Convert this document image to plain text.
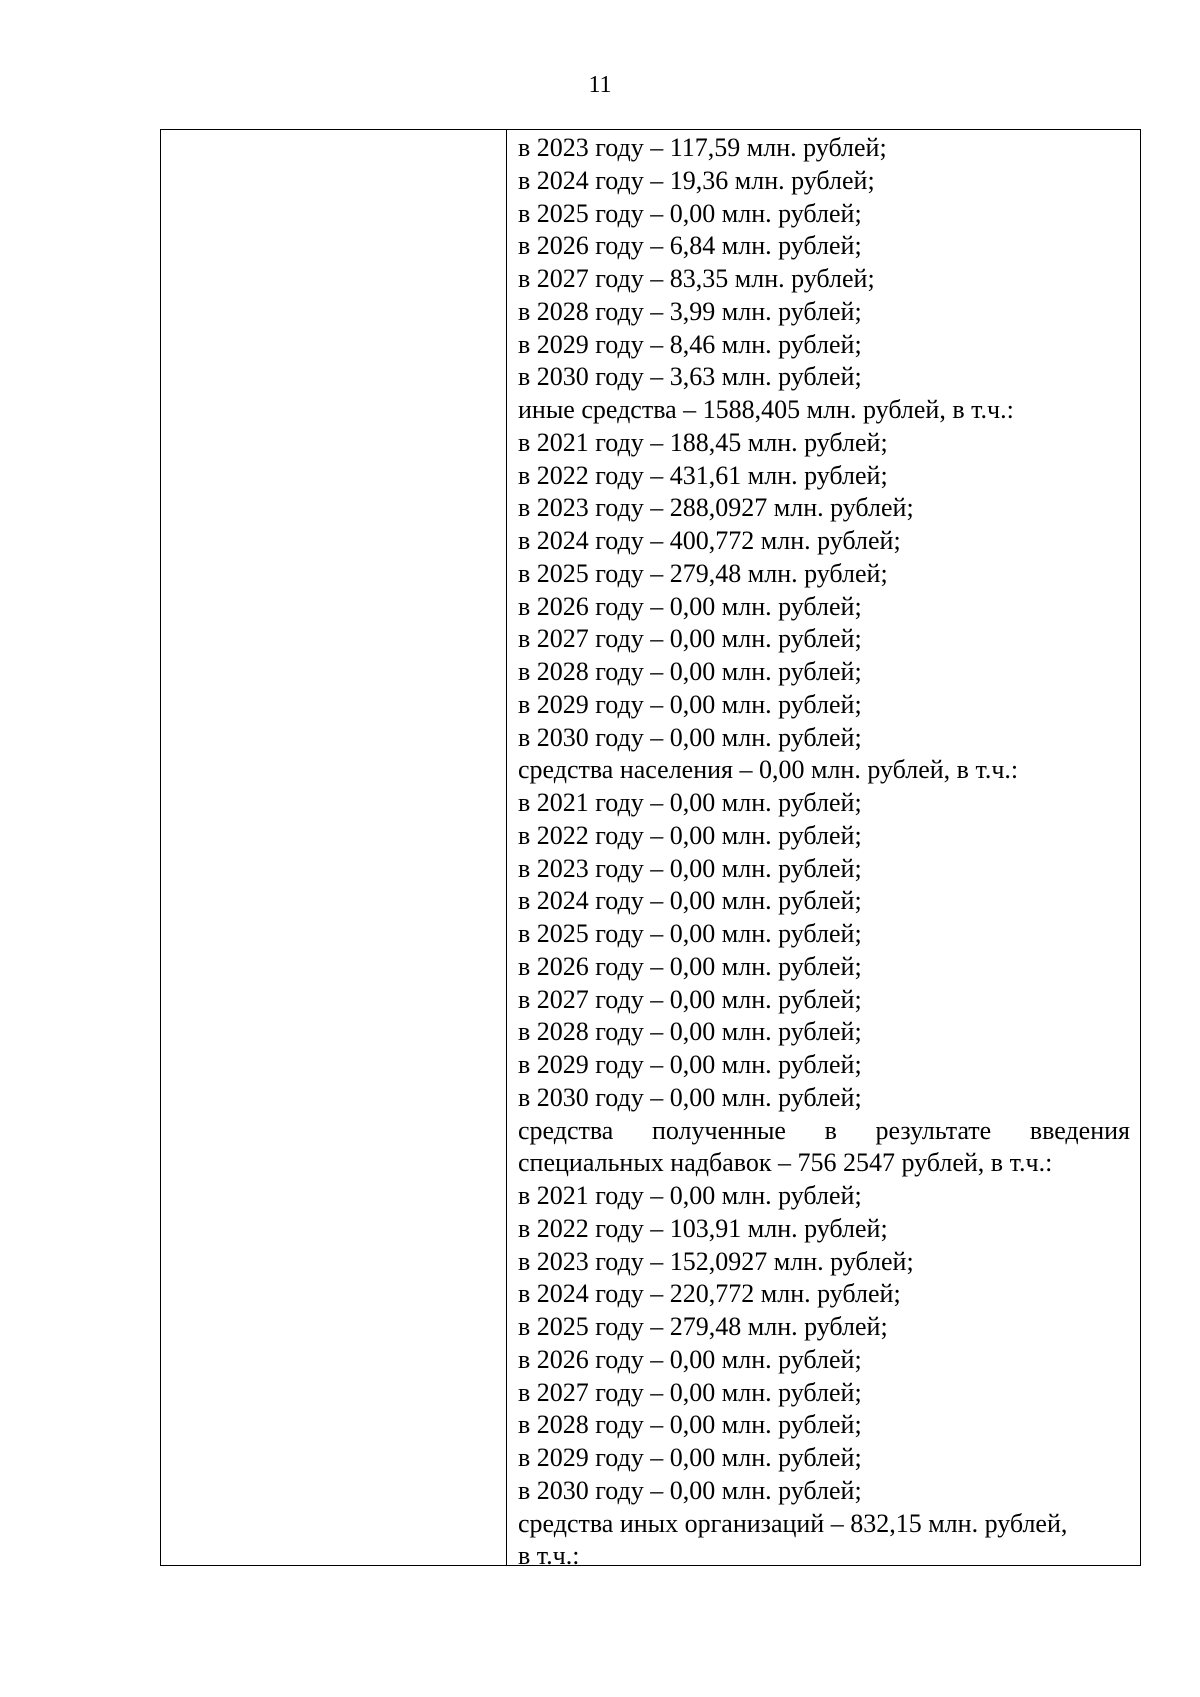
11
в 2023 году – 117,59 млн. рублей;
в 2024 году – 19,36 млн. рублей;
в 2025 году – 0,00 млн. рублей;
в 2026 году – 6,84 млн. рублей;
в 2027 году – 83,35 млн. рублей;
в 2028 году – 3,99 млн. рублей;
в 2029 году – 8,46 млн. рублей;
в 2030 году – 3,63 млн. рублей;
иные средства – 1588,405 млн. рублей, в т.ч.:
в 2021 году – 188,45 млн. рублей;
в 2022 году – 431,61 млн. рублей;
в 2023 году – 288,0927 млн. рублей;
в 2024 году – 400,772 млн. рублей;
в 2025 году – 279,48 млн. рублей;
в 2026 году – 0,00 млн. рублей;
в 2027 году – 0,00 млн. рублей;
в 2028 году – 0,00 млн. рублей;
в 2029 году – 0,00 млн. рублей;
в 2030 году – 0,00 млн. рублей;
средства населения – 0,00 млн. рублей, в т.ч.:
в 2021 году – 0,00 млн. рублей;
в 2022 году – 0,00 млн. рублей;
в 2023 году – 0,00 млн. рублей;
в 2024 году – 0,00 млн. рублей;
в 2025 году – 0,00 млн. рублей;
в 2026 году – 0,00 млн. рублей;
в 2027 году – 0,00 млн. рублей;
в 2028 году – 0,00 млн. рублей;
в 2029 году – 0,00 млн. рублей;
в 2030 году – 0,00 млн. рублей;
средства полученные в результате введения
специальных надбавок – 756 2547 рублей, в т.ч.:
в 2021 году – 0,00 млн. рублей;
в 2022 году – 103,91 млн. рублей;
в 2023 году – 152,0927 млн. рублей;
в 2024 году – 220,772 млн. рублей;
в 2025 году – 279,48 млн. рублей;
в 2026 году – 0,00 млн. рублей;
в 2027 году – 0,00 млн. рублей;
в 2028 году – 0,00 млн. рублей;
в 2029 году – 0,00 млн. рублей;
в 2030 году – 0,00 млн. рублей;
средства иных организаций – 832,15 млн. рублей,
в т.ч.:
